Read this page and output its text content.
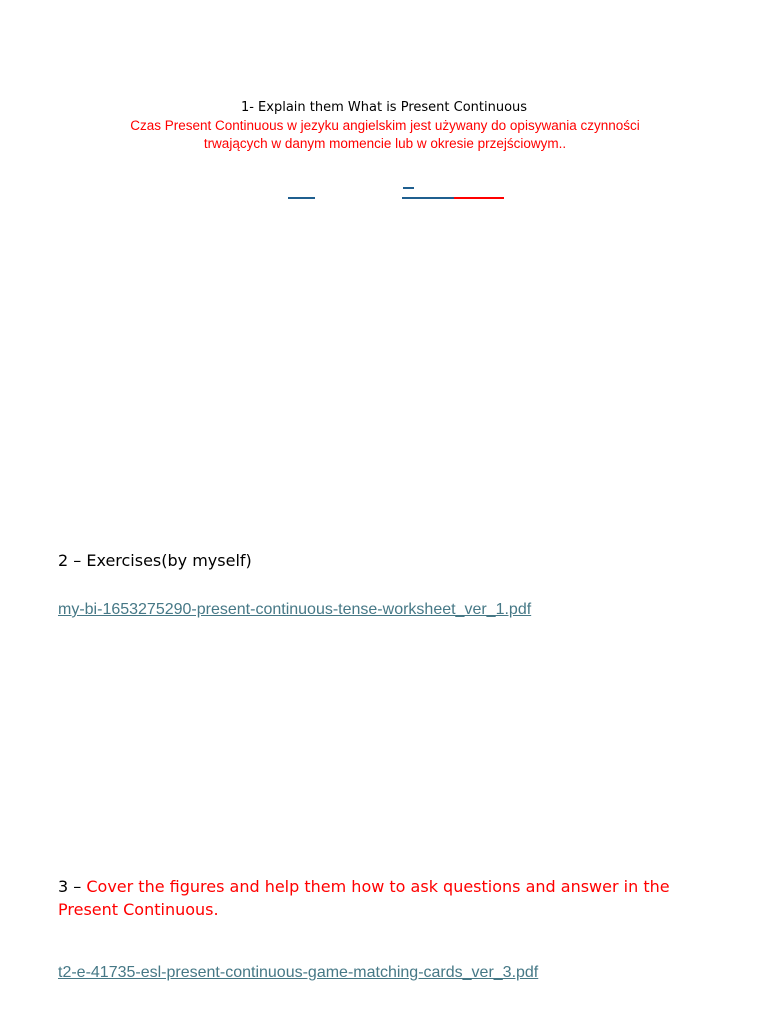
1- Explain them What is Present Continuous
Czas Present Continuous w jezyku angielskim jest używany do opisywania czynności
trwających w danym momencie lub w okresie przejściowym..
2 – Exercises(by myself)
my-bi-1653275290-present-continuous-tense-worksheet_ver_1.pdf
3 – Cover the figures and help them how to ask questions and answer in the Present Continuous.
t2-e-41735-esl-present-continuous-game-matching-cards_ver_3.pdf
